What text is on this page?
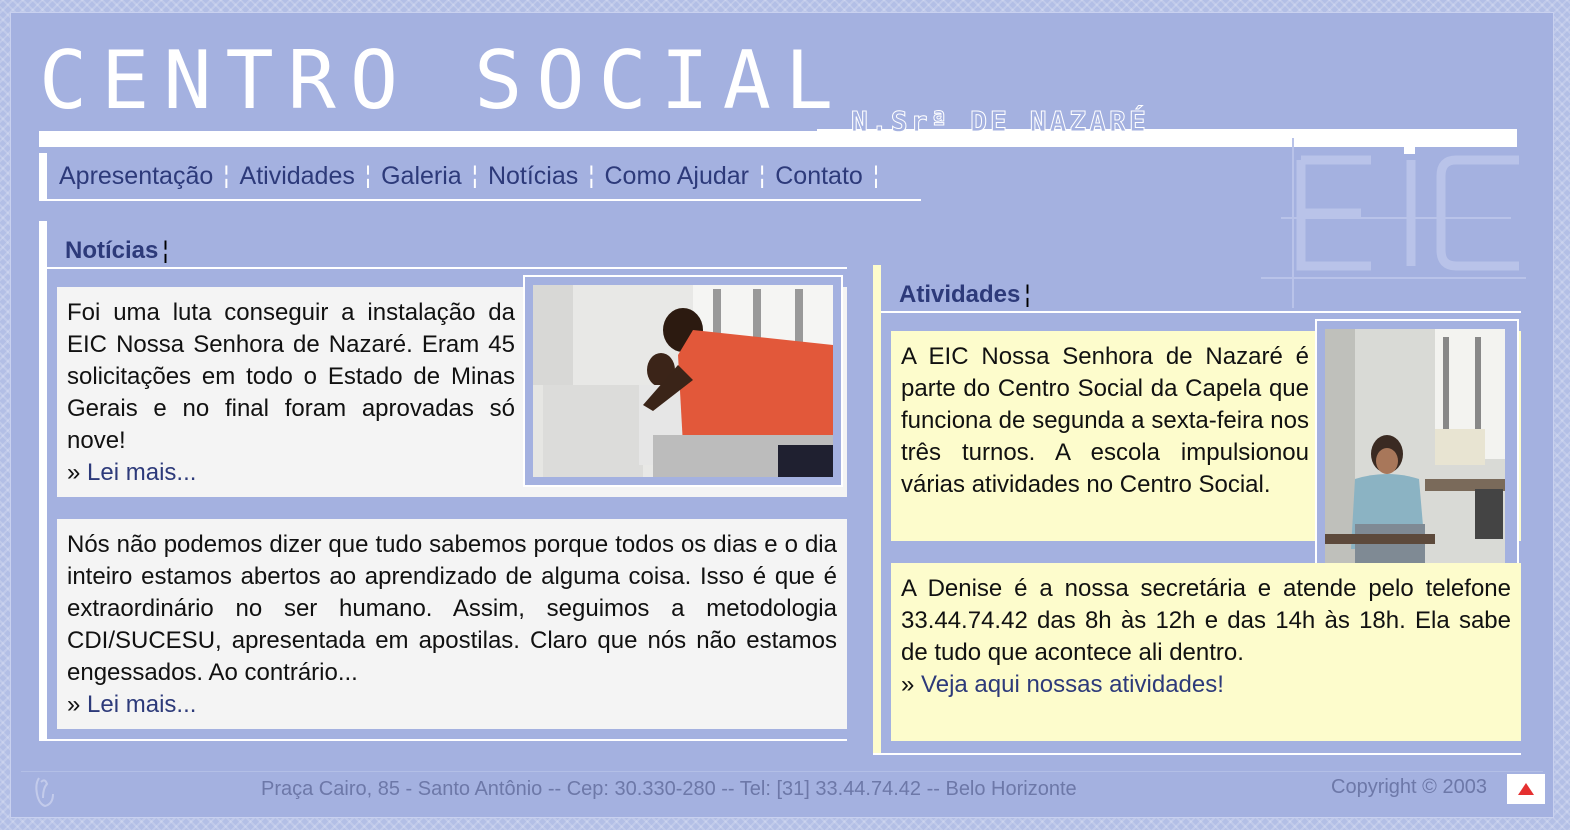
CENTRO SOCIAL N.Srª DE NAZARÉ
Apresentação ¦ Atividades ¦ Galeria ¦ Notícias ¦ Como Ajudar ¦ Contato ¦
Notícias ¦
Foi uma luta conseguir a instalação da EIC Nossa Senhora de Nazaré. Eram 45 solicitações em todo o Estado de Minas Gerais e no final foram aprovadas só nove!
» Lei mais...
Nós não podemos dizer que tudo sabemos porque todos os dias e o dia inteiro estamos abertos ao aprendizado de alguma coisa. Isso é que é extraordinário no ser humano. Assim, seguimos a metodologia CDI/SUCESU, apresentada em apostilas. Claro que nós não estamos engessados. Ao contrário...
» Lei mais...
Atividades ¦
A EIC Nossa Senhora de Nazaré é parte do Centro Social da Capela que funciona de segunda a sexta-feira nos três turnos. A escola impulsionou várias atividades no Centro Social.
A Denise é a nossa secretária e atende pelo telefone 33.44.74.42 das 8h às 12h e das 14h às 18h. Ela sabe de tudo que acontece ali dentro.
» Veja aqui nossas atividades!
Praça Cairo, 85 - Santo Antônio -- Cep: 30.330-280 -- Tel: [31] 33.44.74.42 -- Belo Horizonte	Copyright © 2003
